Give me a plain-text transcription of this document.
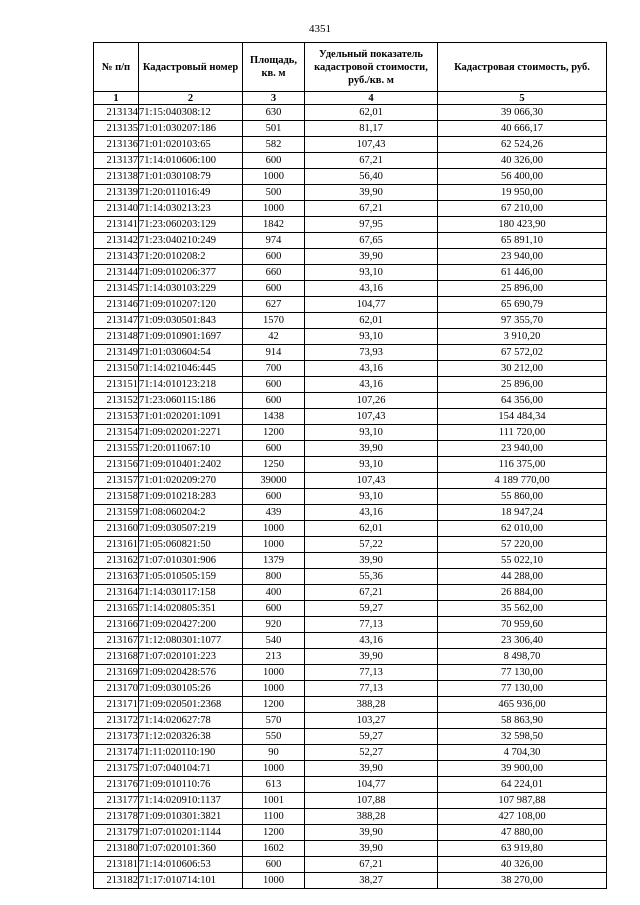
4351
№ п/п	Кадастровый номер	Площадь, кв. м	Удельный показатель кадастровой стоимости, руб./кв. м	Кадастровая стоимость, руб.
1	2	3	4	5
213134	71:15:040308:12	630	62,01	39 066,30
213135	71:01:030207:186	501	81,17	40 666,17
213136	71:01:020103:65	582	107,43	62 524,26
213137	71:14:010606:100	600	67,21	40 326,00
213138	71:01:030108:79	1000	56,40	56 400,00
213139	71:20:011016:49	500	39,90	19 950,00
213140	71:14:030213:23	1000	67,21	67 210,00
213141	71:23:060203:129	1842	97,95	180 423,90
213142	71:23:040210:249	974	67,65	65 891,10
213143	71:20:010208:2	600	39,90	23 940,00
213144	71:09:010206:377	660	93,10	61 446,00
213145	71:14:030103:229	600	43,16	25 896,00
213146	71:09:010207:120	627	104,77	65 690,79
213147	71:09:030501:843	1570	62,01	97 355,70
213148	71:09:010901:1697	42	93,10	3 910,20
213149	71:01:030604:54	914	73,93	67 572,02
213150	71:14:021046:445	700	43,16	30 212,00
213151	71:14:010123:218	600	43,16	25 896,00
213152	71:23:060115:186	600	107,26	64 356,00
213153	71:01:020201:1091	1438	107,43	154 484,34
213154	71:09:020201:2271	1200	93,10	111 720,00
213155	71:20:011067:10	600	39,90	23 940,00
213156	71:09:010401:2402	1250	93,10	116 375,00
213157	71:01:020209:270	39000	107,43	4 189 770,00
213158	71:09:010218:283	600	93,10	55 860,00
213159	71:08:060204:2	439	43,16	18 947,24
213160	71:09:030507:219	1000	62,01	62 010,00
213161	71:05:060821:50	1000	57,22	57 220,00
213162	71:07:010301:906	1379	39,90	55 022,10
213163	71:05:010505:159	800	55,36	44 288,00
213164	71:14:030117:158	400	67,21	26 884,00
213165	71:14:020805:351	600	59,27	35 562,00
213166	71:09:020427:200	920	77,13	70 959,60
213167	71:12:080301:1077	540	43,16	23 306,40
213168	71:07:020101:223	213	39,90	8 498,70
213169	71:09:020428:576	1000	77,13	77 130,00
213170	71:09:030105:26	1000	77,13	77 130,00
213171	71:09:020501:2368	1200	388,28	465 936,00
213172	71:14:020627:78	570	103,27	58 863,90
213173	71:12:020326:38	550	59,27	32 598,50
213174	71:11:020110:190	90	52,27	4 704,30
213175	71:07:040104:71	1000	39,90	39 900,00
213176	71:09:010110:76	613	104,77	64 224,01
213177	71:14:020910:1137	1001	107,88	107 987,88
213178	71:09:010301:3821	1100	388,28	427 108,00
213179	71:07:010201:1144	1200	39,90	47 880,00
213180	71:07:020101:360	1602	39,90	63 919,80
213181	71:14:010606:53	600	67,21	40 326,00
213182	71:17:010714:101	1000	38,27	38 270,00
